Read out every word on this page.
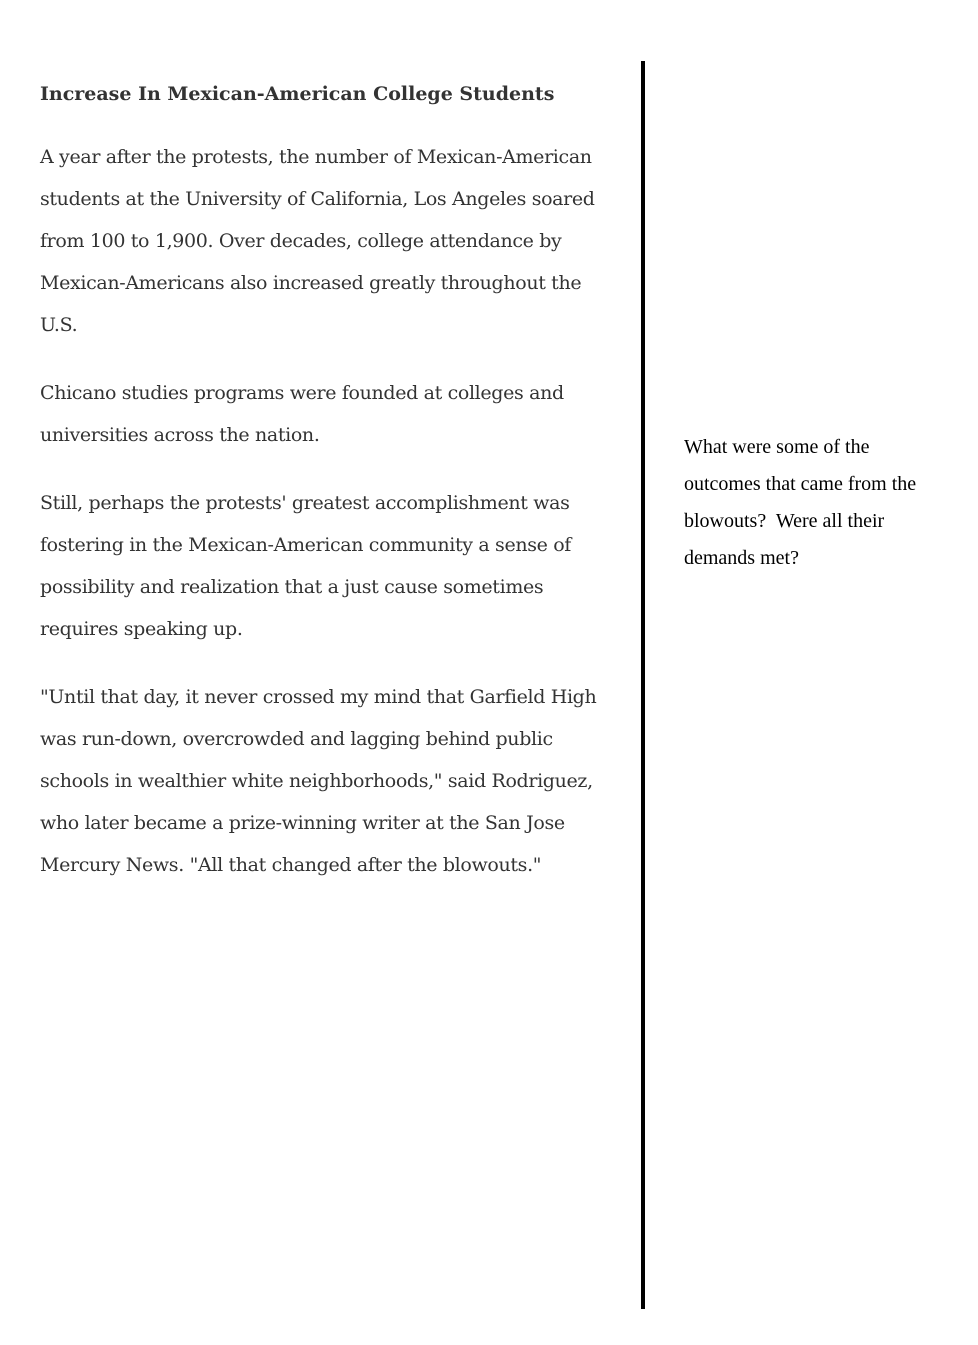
Increase In Mexican-American College Students

A year after the protests, the number of Mexican-American students at the University of California, Los Angeles soared from 100 to 1,900. Over decades, college attendance by Mexican-Americans also increased greatly throughout the U.S.

Chicano studies programs were founded at colleges and universities across the nation.

Still, perhaps the protests' greatest accomplishment was fostering in the Mexican-American community a sense of possibility and realization that a just cause sometimes requires speaking up.

"Until that day, it never crossed my mind that Garfield High was run-down, overcrowded and lagging behind public schools in wealthier white neighborhoods," said Rodriguez, who later became a prize-winning writer at the San Jose Mercury News. "All that changed after the blowouts."

What were some of the outcomes that came from the blowouts?  Were all their demands met?
